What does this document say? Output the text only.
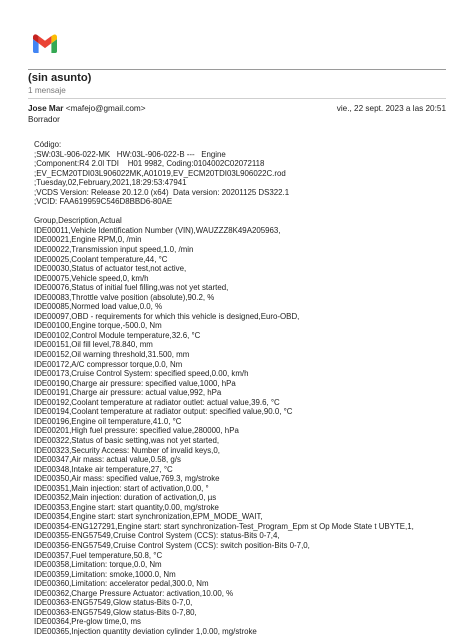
(sin asunto)
1 mensaje
Jose Mar <mafejo@gmail.com>	vie., 22 sept. 2023 a las 20:51
Borrador
Código:
;SW:03L-906-022-MK   HW:03L-906-022-B ---   Engine
;Component:R4 2.0l TDI    H01 9982, Coding:0104002C02072118
;EV_ECM20TDI03L906022MK,A01019,EV_ECM20TDI03L906022C.rod
;Tuesday,02,February,2021,18:29:53:47941
;VCDS Version: Release 20.12.0 (x64)  Data version: 20201125 DS322.1
;VCID: FAA619959C546D8BBD6-80AE
Group,Description,Actual
IDE00011,Vehicle Identification Number (VIN),WAUZZZ8K49A205963,
IDE00021,Engine RPM,0, /min
IDE00022,Transmission input speed,1.0, /min
IDE00025,Coolant temperature,44, °C
IDE00030,Status of actuator test,not active,
IDE00075,Vehicle speed,0, km/h
IDE00076,Status of initial fuel filling,was not yet started,
IDE00083,Throttle valve position (absolute),90.2, %
IDE00085,Normed load value,0.0, %
IDE00097,OBD - requirements for which this vehicle is designed,Euro-OBD,
IDE00100,Engine torque,-500.0, Nm
IDE00102,Control Module temperature,32.6, °C
IDE00151,Oil fill level,78.840, mm
IDE00152,Oil warning threshold,31.500, mm
IDE00172,A/C compressor torque,0.0, Nm
IDE00173,Cruise Control System: specified speed,0.00, km/h
IDE00190,Charge air pressure: specified value,1000, hPa
IDE00191,Charge air pressure: actual value,992, hPa
IDE00192,Coolant temperature at radiator outlet: actual value,39.6, °C
IDE00194,Coolant temperature at radiator output: specified value,90.0, °C
IDE00196,Engine oil temperature,41.0, °C
IDE00201,High fuel pressure: specified value,280000, hPa
IDE00322,Status of basic setting,was not yet started,
IDE00323,Security Access: Number of invalid keys,0,
IDE00347,Air mass: actual value,0.58, g/s
IDE00348,Intake air temperature,27, °C
IDE00350,Air mass: specified value,769.3, mg/stroke
IDE00351,Main injection: start of activation,0.00, °
IDE00352,Main injection: duration of activation,0, µs
IDE00353,Engine start: start quantity,0.00, mg/stroke
IDE00354,Engine start: start synchronization,EPM_MODE_WAIT,
IDE00354-ENG127291,Engine start: start synchronization-Test_Program_Epm st Op Mode State t UBYTE,1,
IDE00355-ENG57549,Cruise Control System (CCS): status-Bits 0-7,4,
IDE00356-ENG57549,Cruise Control System (CCS): switch position-Bits 0-7,0,
IDE00357,Fuel temperature,50.8, °C
IDE00358,Limitation: torque,0.0, Nm
IDE00359,Limitation: smoke,1000.0, Nm
IDE00360,Limitation: accelerator pedal,300.0, Nm
IDE00362,Charge Pressure Actuator: activation,10.00, %
IDE00363-ENG57549,Glow status-Bits 0-7,0,
IDE00363-ENG57549,Glow status-Bits 0-7,80,
IDE00364,Pre-glow time,0, ms
IDE00365,Injection quantity deviation cylinder 1,0.00, mg/stroke
